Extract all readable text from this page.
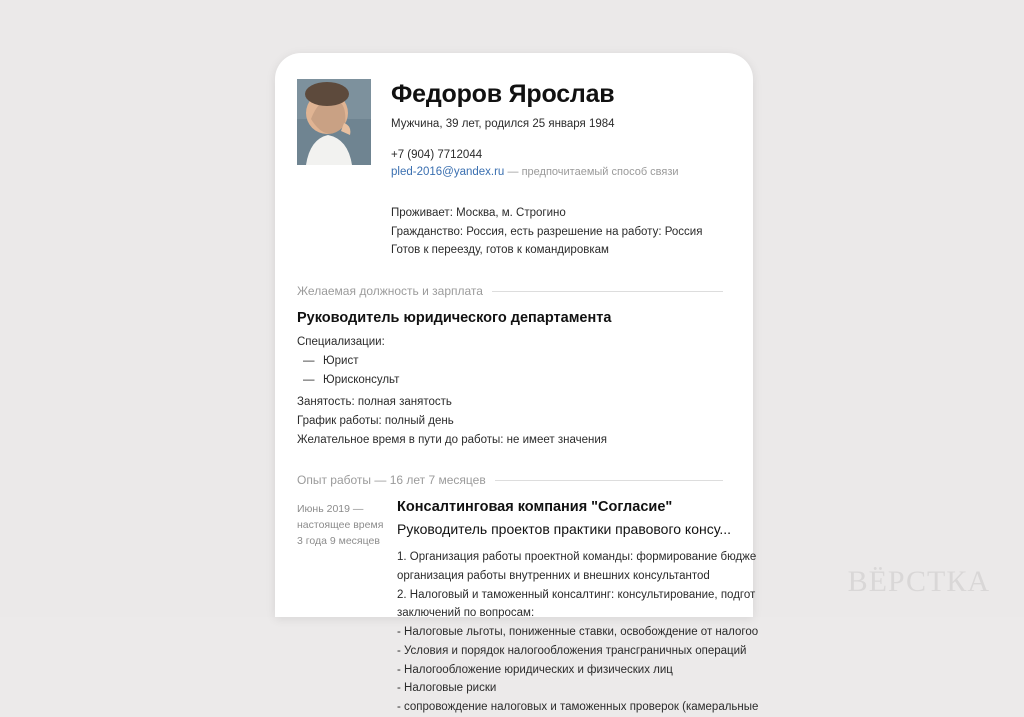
ВЁРСТКА
Федоров Ярослав
Мужчина, 39 лет, родился 25 января 1984
+7 (904) 7712044
pled-2016@yandex.ru — предпочитаемый способ связи
Проживает: Москва, м. Строгино
Гражданство: Россия, есть разрешение на работу: Россия
Готов к переезду, готов к командировкам
Желаемая должность и зарплата
Руководитель юридического департамента
Специализации:
— Юрист
— Юрисконсульт
Занятость: полная занятость
График работы: полный день
Желательное время в пути до работы: не имеет значения
Опыт работы — 16 лет 7 месяцев
Июнь 2019 —
настоящее время
3 года 9 месяцев
Консалтинговая компания "Согласие"
Руководитель проектов практики правового консу...
1. Организация работы проектной команды: формирование бюдже
организация работы внутренних и внешних консультантоd
2. Налоговый и таможенный консалтинг: консультирование, подгот
заключений по вопросам:
- Налоговые льготы, пониженные ставки, освобождение от налогоо
- Условия и порядок налогообложения трансграничных операций
- Налогообложение юридических и физических лиц
- Налоговые риски
- сопровождение налоговых и таможенных проверок (камеральные
